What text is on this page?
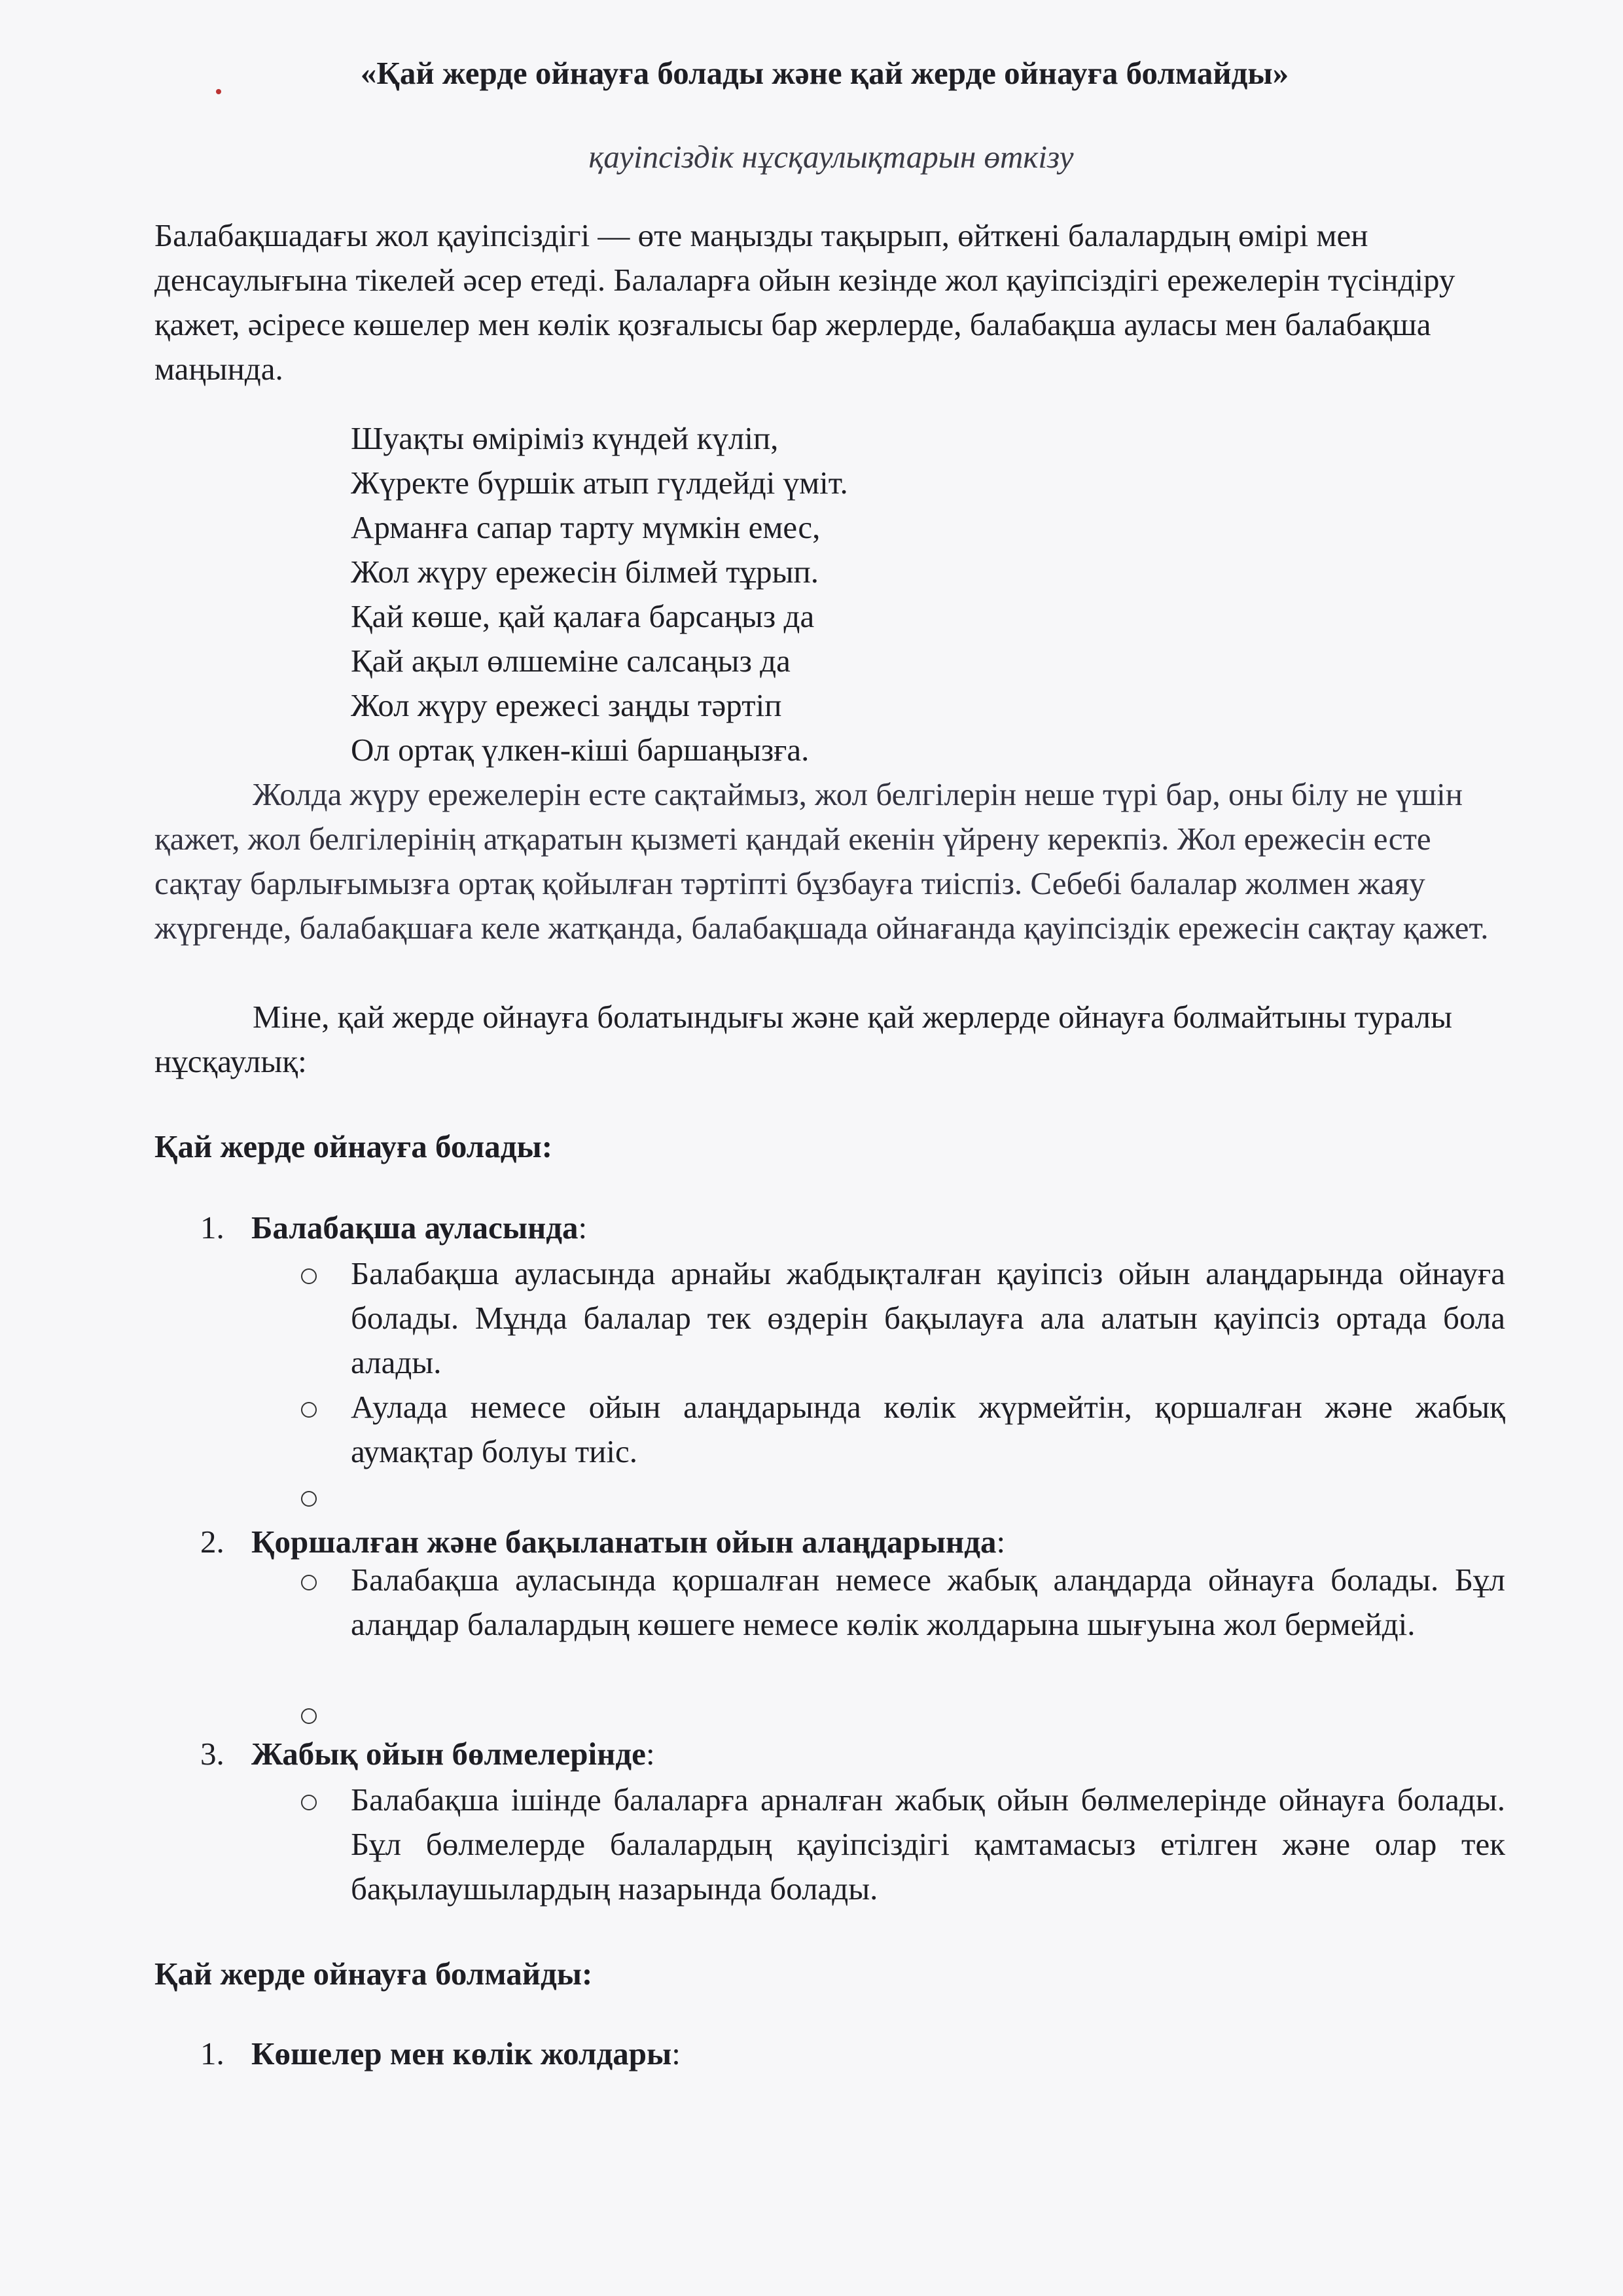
«Қай жерде ойнауға болады және қай жерде ойнауға болмайды»
қауіпсіздік нұсқаулықтарын өткізу
Балабақшадағы жол қауіпсіздігі — өте маңызды тақырып, өйткені балалардың өмірі мен денсаулығына тікелей әсер етеді. Балаларға ойын кезінде жол қауіпсіздігі ережелерін түсіндіру қажет, әсіресе көшелер мен көлік қозғалысы бар жерлерде, балабақша ауласы мен балабақша маңында.
Шуақты өміріміз күндей күліп,
Жүректе бүршік атып гүлдейді үміт.
Арманға сапар тарту мүмкін емес,
Жол жүру ережесін білмей тұрып.
Қай көше, қай қалаға барсаңыз да
Қай ақыл өлшеміне салсаңыз да
Жол жүру ережесі заңды тәртіп
Ол ортақ үлкен-кіші баршаңызға.

Жолда жүру ережелерін есте сақтаймыз, жол белгілерін неше түрі бар, оны білу не үшін қажет, жол белгілерінің атқаратын қызметі қандай екенін үйрену керекпіз. Жол ережесін есте сақтау барлығымызға ортақ қойылған тәртіпті бұзбауға тиіспіз. Себебі балалар жолмен жаяу жүргенде, балабақшаға келе жатқанда, балабақшада ойнағанда қауіпсіздік ережесін сақтау қажет.

Міне, қай жерде ойнауға болатындығы және қай жерлерде ойнауға болмайтыны туралы нұсқаулық:

Қай жерде ойнауға болады:
1. Балабақша ауласында:
Балабақша ауласында арнайы жабдықталған қауіпсіз ойын алаңдарында ойнауға болады. Мұнда балалар тек өздерін бақылауға ала алатын қауіпсіз ортада бола алады.
Аулада немесе ойын алаңдарында көлік жүрмейтін, қоршалған және жабық аумақтар болуы тиіс.
2. Қоршалған және бақыланатын ойын алаңдарында:
Балабақша ауласында қоршалған немесе жабық алаңдарда ойнауға болады. Бұл алаңдар балалардың көшеге немесе көлік жолдарына шығуына жол бермейді.
3. Жабық ойын бөлмелерінде:
Балабақша ішінде балаларға арналған жабық ойын бөлмелерінде ойнауға болады. Бұл бөлмелерде балалардың қауіпсіздігі қамтамасыз етілген және олар тек бақылаушылардың назарында болады.
Қай жерде ойнауға болмайды:
1. Көшелер мен көлік жолдары:
